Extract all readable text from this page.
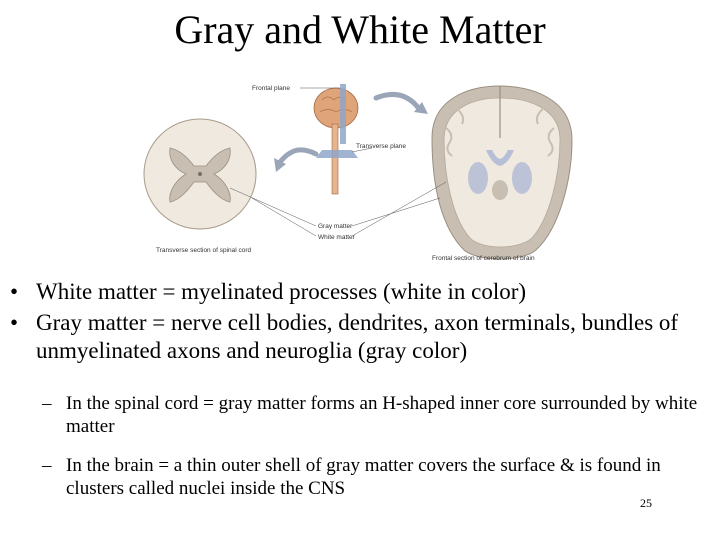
Gray and White Matter
Frontal plane
Transverse plane
Gray matter
White matter
Transverse section of spinal cord
Frontal section of cerebrum of brain
• White matter = myelinated processes (white in color)
• Gray matter = nerve cell bodies, dendrites, axon terminals, bundles of unmyelinated axons and neuroglia (gray color)
– In the spinal cord = gray matter forms an H-shaped inner core surrounded by white matter
– In the brain = a thin outer shell of gray matter covers the surface & is found in clusters called nuclei inside the CNS
25
